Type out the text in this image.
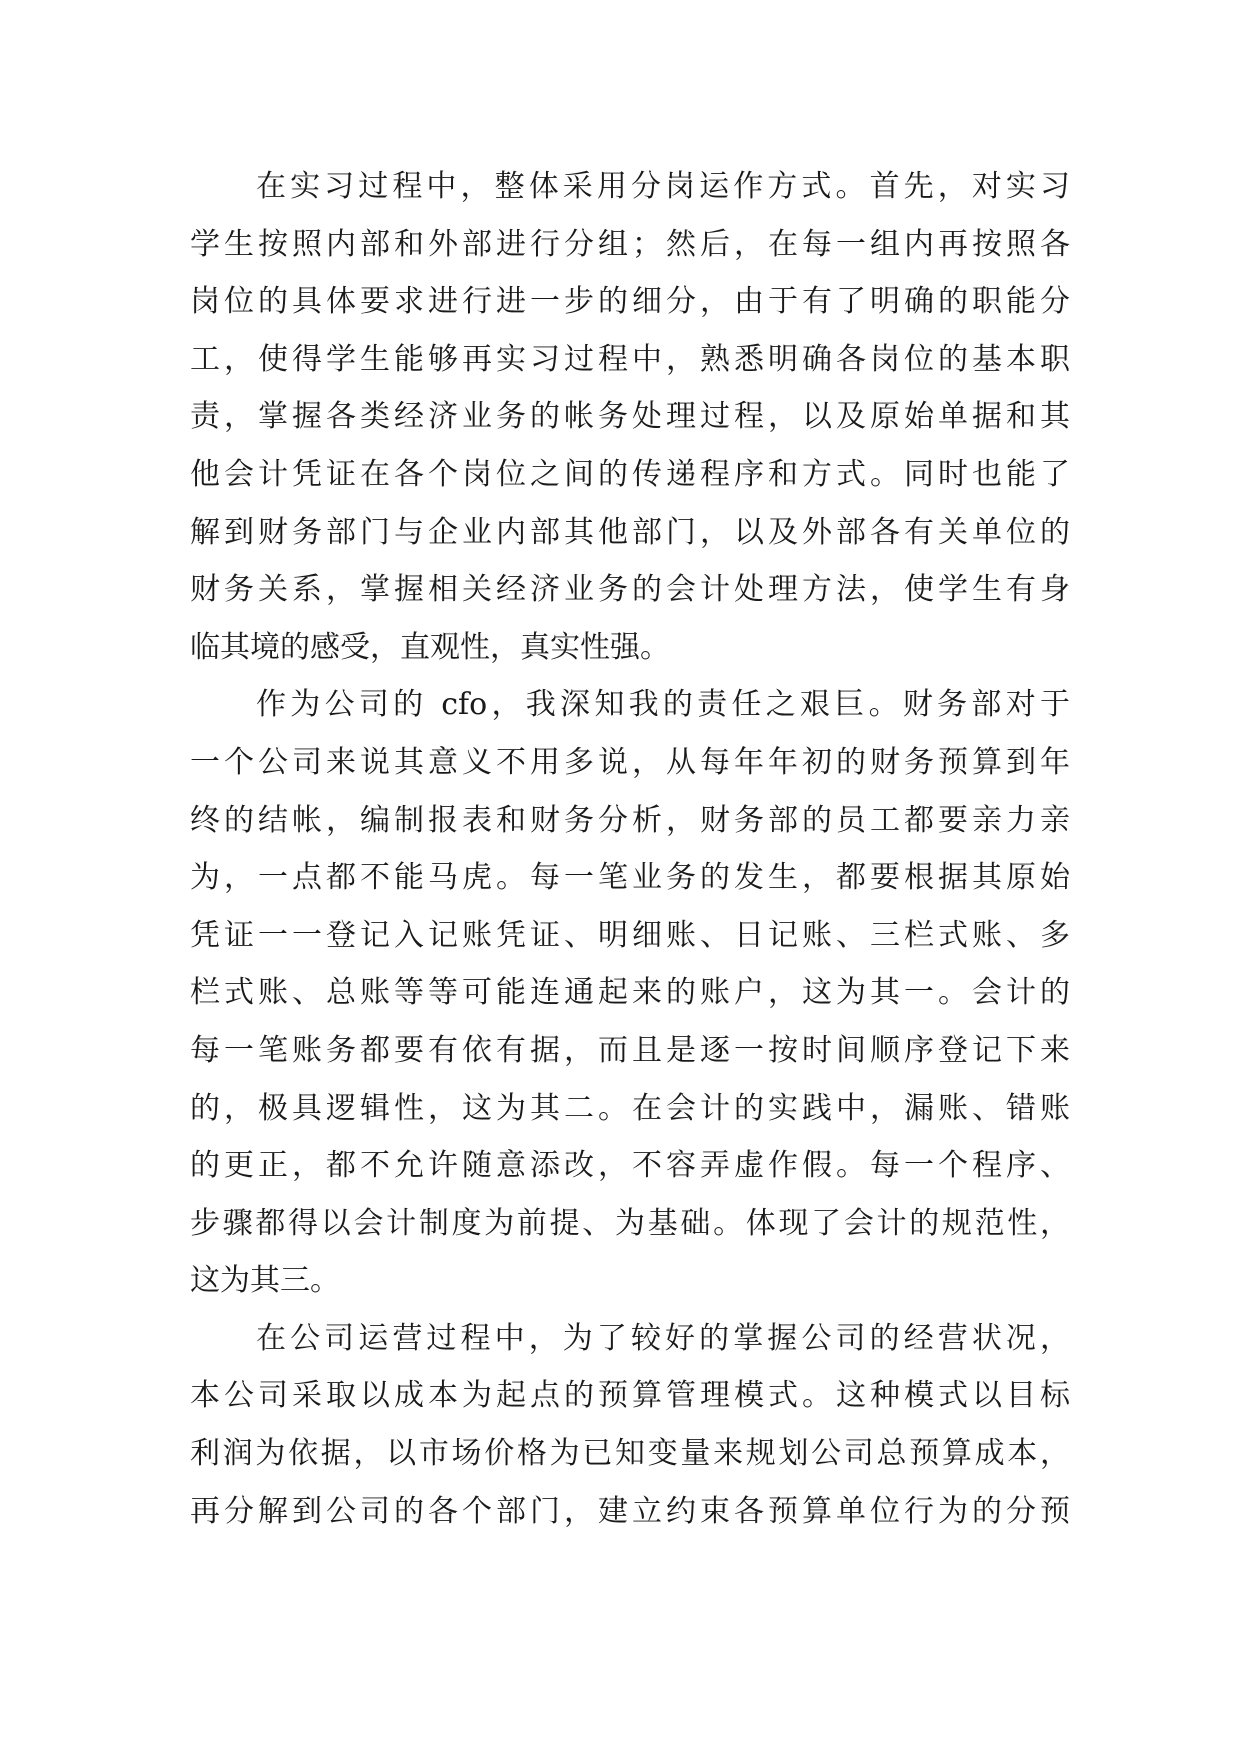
在实习过程中，整体采用分岗运作方式。首先，对实习
学生按照内部和外部进行分组；然后，在每一组内再按照各
岗位的具体要求进行进一步的细分，由于有了明确的职能分
工，使得学生能够再实习过程中，熟悉明确各岗位的基本职
责，掌握各类经济业务的帐务处理过程，以及原始单据和其
他会计凭证在各个岗位之间的传递程序和方式。同时也能了
解到财务部门与企业内部其他部门，以及外部各有关单位的
财务关系，掌握相关经济业务的会计处理方法，使学生有身
临其境的感受，直观性，真实性强。
作为公司的 cfo，我深知我的责任之艰巨。财务部对于
一个公司来说其意义不用多说，从每年年初的财务预算到年
终的结帐，编制报表和财务分析，财务部的员工都要亲力亲
为，一点都不能马虎。每一笔业务的发生，都要根据其原始
凭证一一登记入记账凭证、明细账、日记账、三栏式账、多
栏式账、总账等等可能连通起来的账户，这为其一。会计的
每一笔账务都要有依有据，而且是逐一按时间顺序登记下来
的，极具逻辑性，这为其二。在会计的实践中，漏账、错账
的更正，都不允许随意添改，不容弄虚作假。每一个程序、
步骤都得以会计制度为前提、为基础。体现了会计的规范性，
这为其三。
在公司运营过程中，为了较好的掌握公司的经营状况，
本公司采取以成本为起点的预算管理模式。这种模式以目标
利润为依据，以市场价格为已知变量来规划公司总预算成本，
再分解到公司的各个部门，建立约束各预算单位行为的分预
